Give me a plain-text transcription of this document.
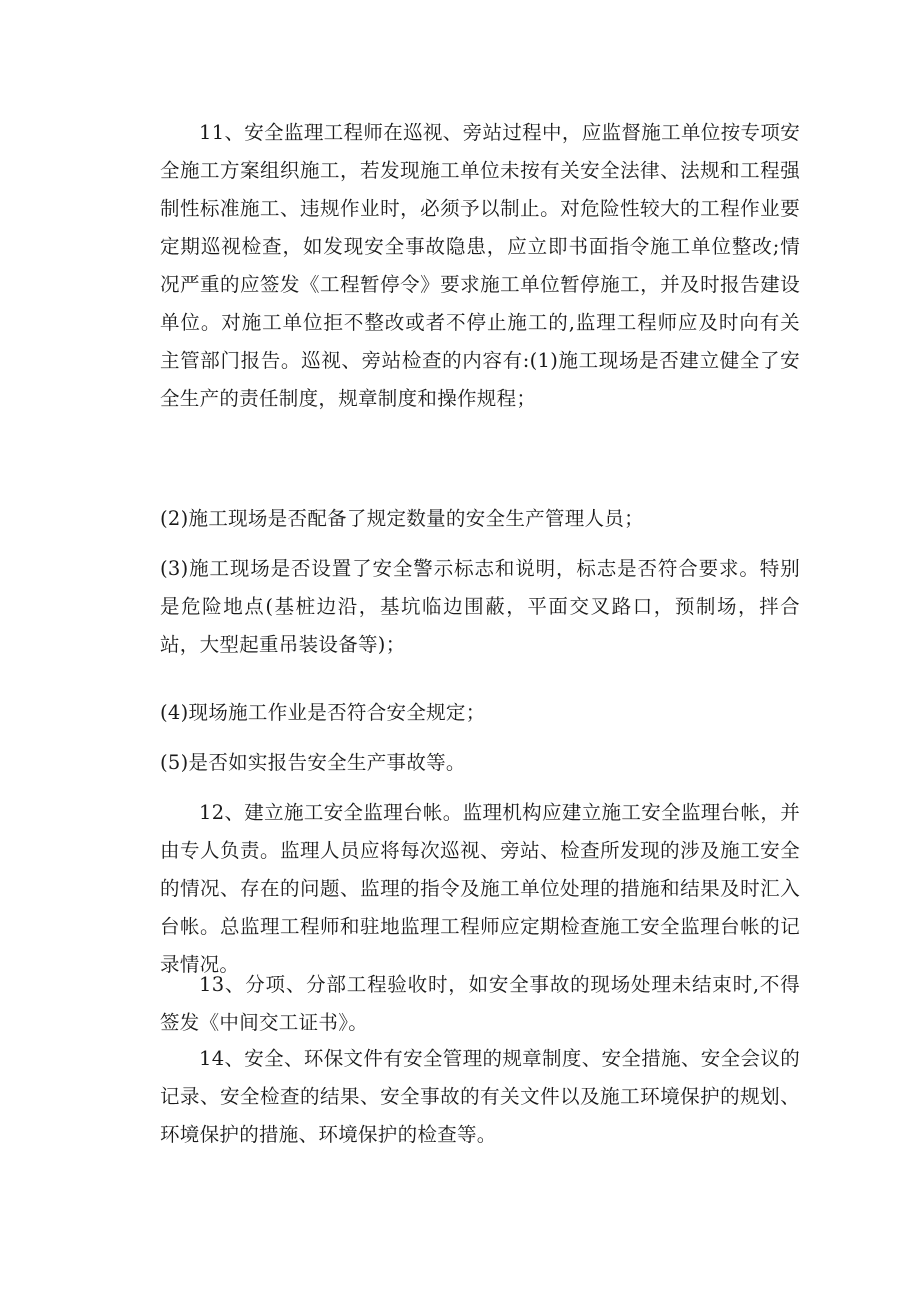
11、安全监理工程师在巡视、旁站过程中，应监督施工单位按专项安全施工方案组织施工，若发现施工单位未按有关安全法律、法规和工程强制性标准施工、违规作业时，必须予以制止。对危险性较大的工程作业要定期巡视检查，如发现安全事故隐患，应立即书面指令施工单位整改;情况严重的应签发《工程暂停令》要求施工单位暂停施工，并及时报告建设单位。对施工单位拒不整改或者不停止施工的,监理工程师应及时向有关主管部门报告。巡视、旁站检查的内容有:(1)施工现场是否建立健全了安全生产的责任制度，规章制度和操作规程；

(2)施工现场是否配备了规定数量的安全生产管理人员；

(3)施工现场是否设置了安全警示标志和说明，标志是否符合要求。特别是危险地点(基桩边沿，基坑临边围蔽，平面交叉路口，预制场，拌合站，大型起重吊装设备等)；

(4)现场施工作业是否符合安全规定；

(5)是否如实报告安全生产事故等。

12、建立施工安全监理台帐。监理机构应建立施工安全监理台帐，并由专人负责。监理人员应将每次巡视、旁站、检查所发现的涉及施工安全的情况、存在的问题、监理的指令及施工单位处理的措施和结果及时汇入台帐。总监理工程师和驻地监理工程师应定期检查施工安全监理台帐的记录情况。

13、分项、分部工程验收时，如安全事故的现场处理未结束时,不得签发《中间交工证书》。

14、安全、环保文件有安全管理的规章制度、安全措施、安全会议的记录、安全检查的结果、安全事故的有关文件以及施工环境保护的规划、环境保护的措施、环境保护的检查等。
